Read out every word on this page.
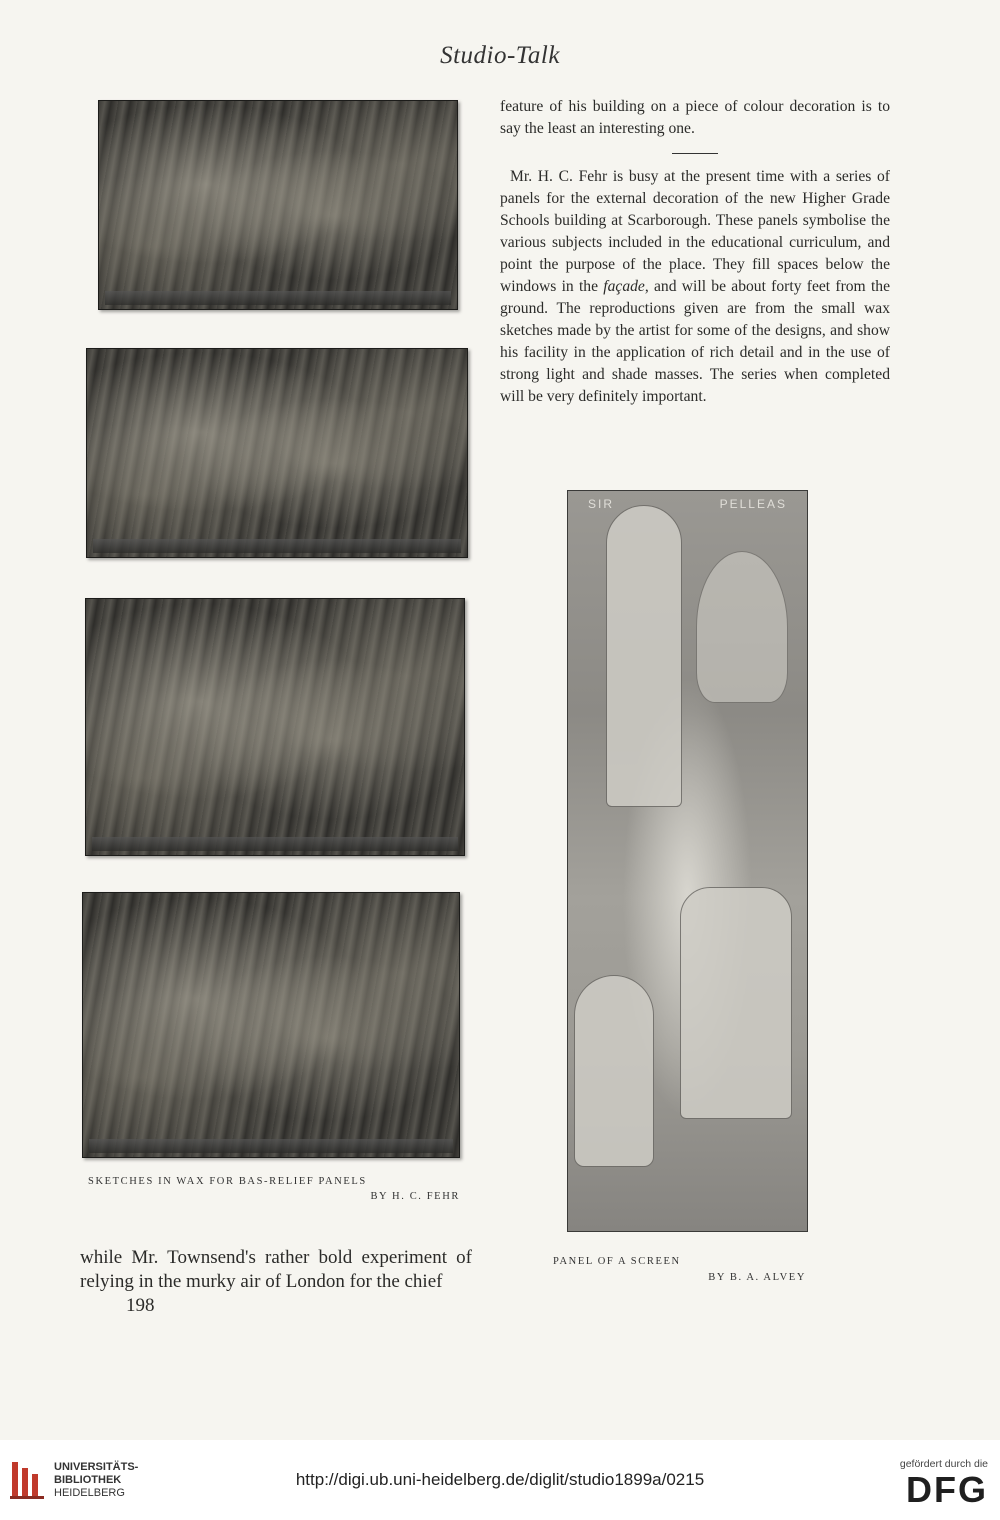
Studio-Talk
SKETCHES IN WAX FOR BAS-RELIEF PANELS
BY H. C. FEHR

feature of his building on a piece of colour decoration is to say the least an interesting one.

Mr. H. C. Fehr is busy at the present time with a series of panels for the external decoration of the new Higher Grade Schools building at Scarborough. These panels symbolise the various subjects included in the educational curriculum, and point the purpose of the place. They fill spaces below the windows in the façade, and will be about forty feet from the ground. The reproductions given are from the small wax sketches made by the artist for some of the designs, and show his facility in the application of rich detail and in the use of strong light and shade masses. The series when completed will be very definitely important.

SIR	PELLEAS
PANEL OF A SCREEN
BY B. A. ALVEY

while Mr. Townsend's rather bold experiment of relying in the murky air of London for the chief

198
UNIVERSITÄTS-
BIBLIOTHEK
HEIDELBERG
http://digi.ub.uni-heidelberg.de/diglit/studio1899a/0215
gefördert durch die
DFG
